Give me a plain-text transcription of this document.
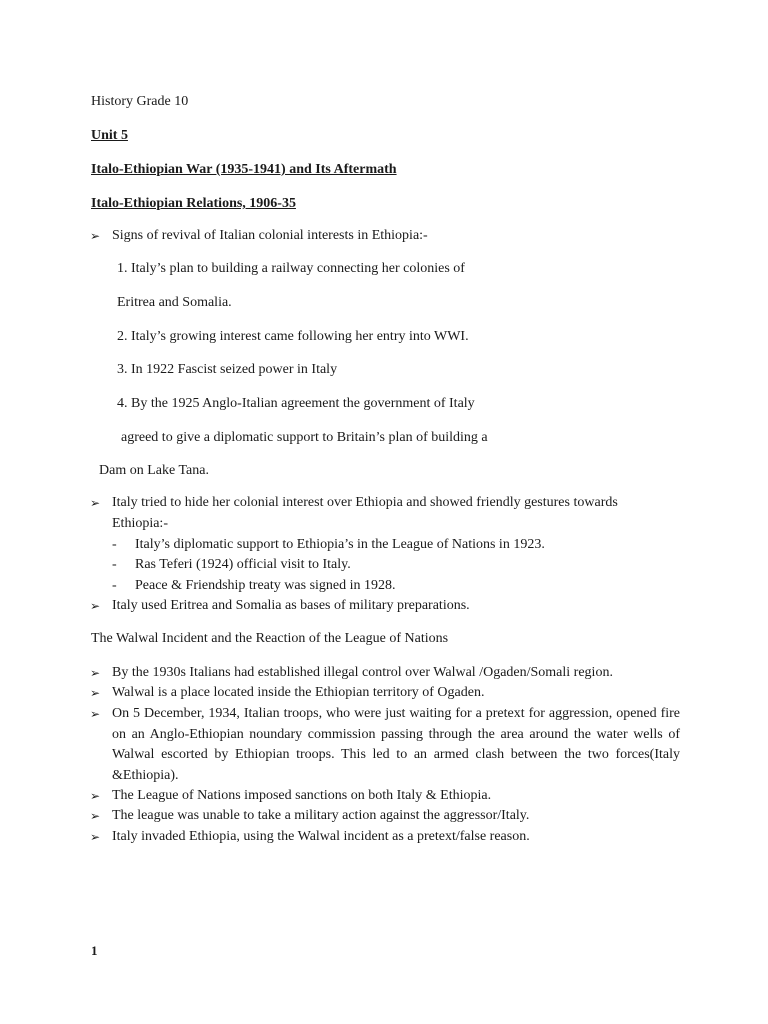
History Grade 10
Unit 5
Italo-Ethiopian War (1935-1941) and Its Aftermath
Italo-Ethiopian Relations, 1906-35
➢ Signs of revival of Italian colonial interests in Ethiopia:-
1. Italy’s plan to building a railway connecting her colonies of
Eritrea and Somalia.
2. Italy’s growing interest came following her entry into WWI.
3. In 1922 Fascist seized power in Italy
4. By the 1925 Anglo-Italian agreement the government of Italy
agreed to give a diplomatic support to Britain’s plan of building a
Dam on Lake Tana.
➢ Italy tried to hide her colonial interest over Ethiopia and showed friendly gestures towards
Ethiopia:-
- Italy’s diplomatic support to Ethiopia’s in the League of Nations in 1923.
- Ras Teferi (1924) official visit to Italy.
- Peace & Friendship treaty was signed in 1928.
➢ Italy used Eritrea and Somalia as bases of military preparations.
The Walwal Incident and the Reaction of the League of Nations
➢ By the 1930s Italians had established illegal control over Walwal /Ogaden/Somali region.
➢ Walwal is a place located inside the Ethiopian territory of Ogaden.
➢ On 5 December, 1934, Italian troops, who were just waiting for a pretext for aggression, opened fire on an Anglo-Ethiopian noundary commission passing through the area around the water wells of Walwal escorted by Ethiopian troops. This led to an armed clash between the two forces(Italy &Ethiopia).
➢ The League of Nations imposed sanctions on both Italy & Ethiopia.
➢ The league was unable to take a military action against the aggressor/Italy.
➢ Italy invaded Ethiopia, using the Walwal incident as a pretext/false reason.
1
